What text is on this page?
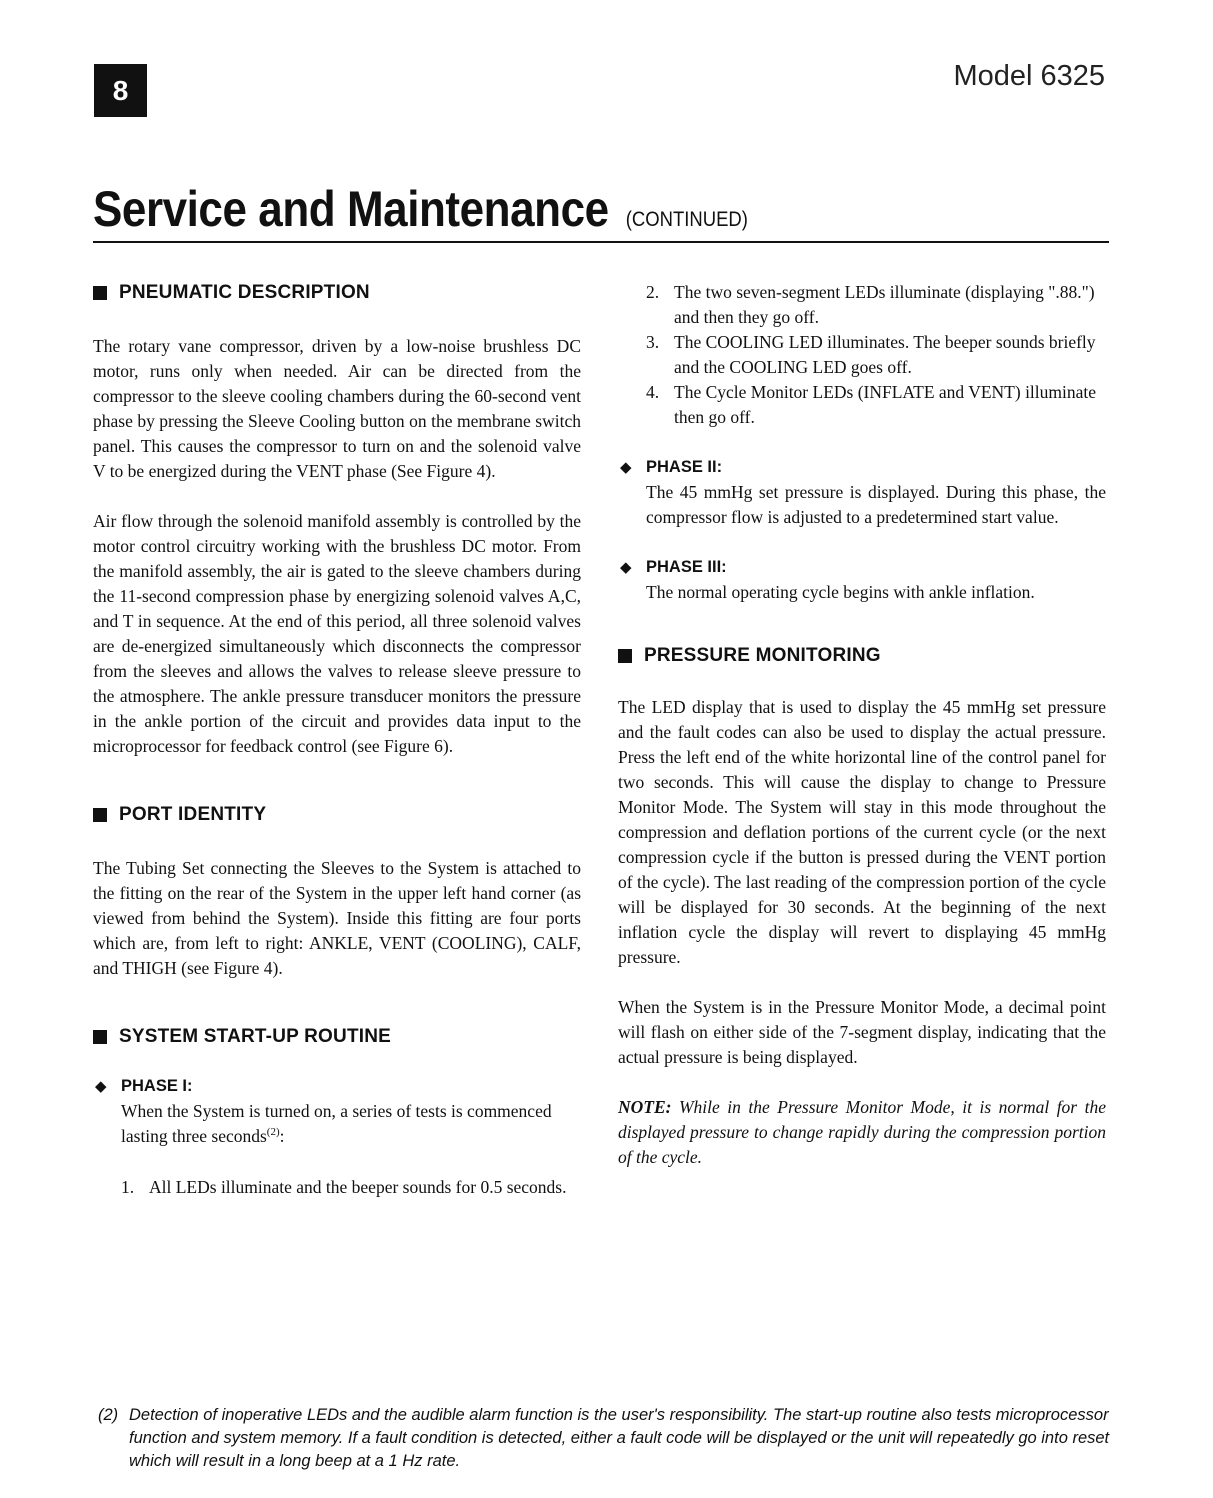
8	Model 6325
Service and Maintenance (CONTINUED)
PNEUMATIC DESCRIPTION

The rotary vane compressor, driven by a low-noise brushless DC motor, runs only when needed. Air can be directed from the compressor to the sleeve cooling chambers during the 60-second vent phase by pressing the Sleeve Cooling button on the membrane switch panel. This causes the compressor to turn on and the solenoid valve V to be energized during the VENT phase (See Figure 4).

Air flow through the solenoid manifold assembly is controlled by the motor control circuitry working with the brushless DC motor. From the manifold assembly, the air is gated to the sleeve chambers during the 11-second compression phase by energizing solenoid valves A,C, and T in sequence. At the end of this period, all three solenoid valves are de-energized simultaneously which disconnects the compressor from the sleeves and allows the valves to release sleeve pressure to the atmosphere. The ankle pressure transducer monitors the pressure in the ankle portion of the circuit and provides data input to the microprocessor for feedback control (see Figure 6).

PORT IDENTITY

The Tubing Set connecting the Sleeves to the System is attached to the fitting on the rear of the System in the upper left hand corner (as viewed from behind the System). Inside this fitting are four ports which are, from left to right: ANKLE, VENT (COOLING), CALF, and THIGH (see Figure 4).

SYSTEM START-UP ROUTINE
◆ PHASE I:

When the System is turned on, a series of tests is commenced lasting three seconds$^{(2)}$:

1. All LEDs illuminate and the beeper sounds for 0.5 seconds.
2. The two seven-segment LEDs illuminate (displaying ".88.") and then they go off.
3. The COOLING LED illuminates. The beeper sounds briefly and the COOLING LED goes off.
4. The Cycle Monitor LEDs (INFLATE and VENT) illuminate then go off.
◆ PHASE II:

The 45 mmHg set pressure is displayed. During this phase, the compressor flow is adjusted to a predetermined start value.

◆ PHASE III:

The normal operating cycle begins with ankle inflation.

PRESSURE MONITORING

The LED display that is used to display the 45 mmHg set pressure and the fault codes can also be used to display the actual pressure. Press the left end of the white horizontal line of the control panel for two seconds. This will cause the display to change to Pressure Monitor Mode. The System will stay in this mode throughout the compression and deflation portions of the current cycle (or the next compression cycle if the button is pressed during the VENT portion of the cycle). The last reading of the compression portion of the cycle will be displayed for 30 seconds. At the beginning of the next inflation cycle the display will revert to displaying 45 mmHg pressure.

When the System is in the Pressure Monitor Mode, a decimal point will flash on either side of the 7-segment display, indicating that the actual pressure is being displayed.

NOTE: While in the Pressure Monitor Mode, it is normal for the displayed pressure to change rapidly during the compression portion of the cycle.

(2) Detection of inoperative LEDs and the audible alarm function is the user's responsibility. The start-up routine also tests microprocessor function and system memory. If a fault condition is detected, either a fault code will be displayed or the unit will repeatedly go into reset which will result in a long beep at a 1 Hz rate.
